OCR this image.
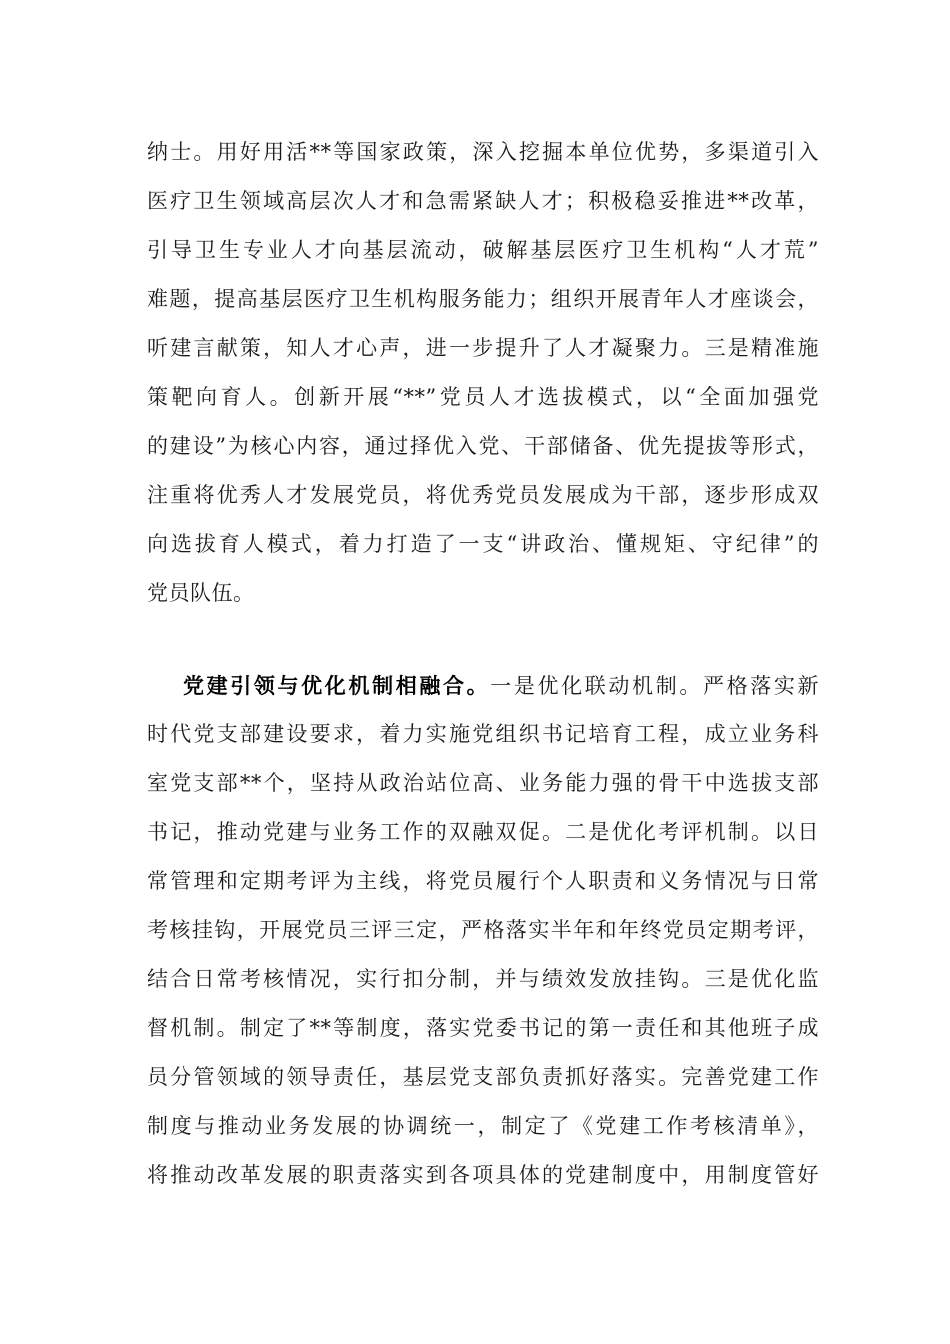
纳士。用好用活**等国家政策，深入挖掘本单位优势，多渠道引入
医疗卫生领域高层次人才和急需紧缺人才；积极稳妥推进**改革，
引导卫生专业人才向基层流动，破解基层医疗卫生机构“人才荒”
难题，提高基层医疗卫生机构服务能力；组织开展青年人才座谈会，
听建言献策，知人才心声，进一步提升了人才凝聚力。三是精准施
策靶向育人。创新开展“**”党员人才选拔模式，以“全面加强党
的建设”为核心内容，通过择优入党、干部储备、优先提拔等形式，
注重将优秀人才发展党员，将优秀党员发展成为干部，逐步形成双
向选拔育人模式，着力打造了一支“讲政治、懂规矩、守纪律”的
党员队伍。
党建引领与优化机制相融合。一是优化联动机制。严格落实新
时代党支部建设要求，着力实施党组织书记培育工程，成立业务科
室党支部**个，坚持从政治站位高、业务能力强的骨干中选拔支部
书记，推动党建与业务工作的双融双促。二是优化考评机制。以日
常管理和定期考评为主线，将党员履行个人职责和义务情况与日常
考核挂钩，开展党员三评三定，严格落实半年和年终党员定期考评，
结合日常考核情况，实行扣分制，并与绩效发放挂钩。三是优化监
督机制。制定了**等制度，落实党委书记的第一责任和其他班子成
员分管领域的领导责任，基层党支部负责抓好落实。完善党建工作
制度与推动业务发展的协调统一，制定了《党建工作考核清单》，
将推动改革发展的职责落实到各项具体的党建制度中，用制度管好
